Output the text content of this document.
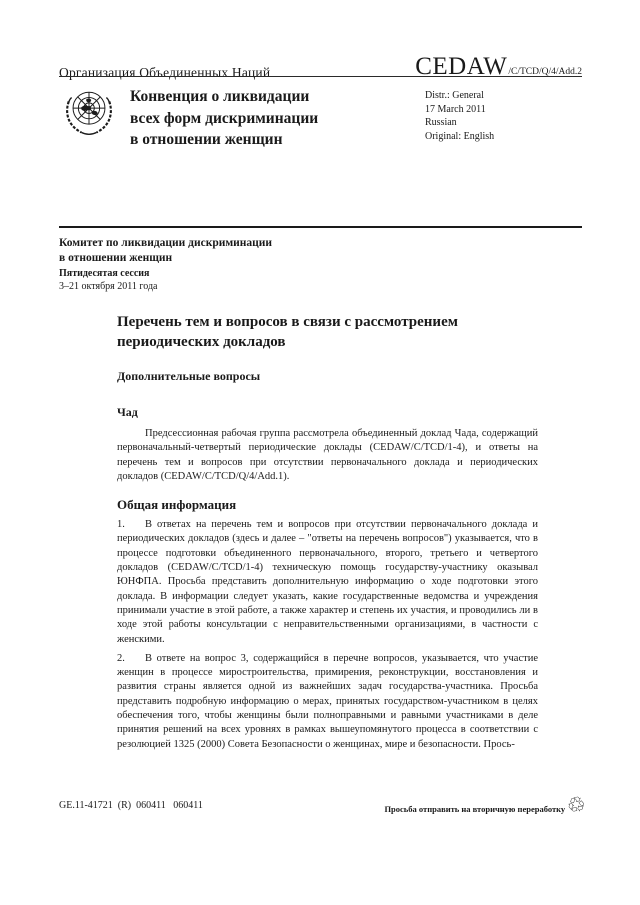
Организация Объединенных Наций	CEDAW /C/TCD/Q/4/Add.2
Конвенция о ликвидации
всех форм дискриминации
в отношении женщин
Distr.: General
17 March 2011
Russian
Original: English
Комитет по ликвидации дискриминации
в отношении женщин
Пятидесятая сессия
3–21 октября 2011 года
Перечень тем и вопросов в связи с рассмотрением периодических докладов
Дополнительные вопросы
Чад

Предсессионная рабочая группа рассмотрела объединенный доклад Чада, содержащий первоначальный-четвертый периодические доклады (CEDAW/C/TCD/1-4), и ответы на перечень тем и вопросов при отсутствии первоначального доклада и периодических докладов (CEDAW/C/TCD/Q/4/Add.1).

Общая информация

1. В ответах на перечень тем и вопросов при отсутствии первоначального доклада и периодических докладов (здесь и далее – "ответы на перечень вопросов") указывается, что в процессе подготовки объединенного первоначального, второго, третьего и четвертого докладов (CEDAW/C/TCD/1-4) техническую помощь государству-участнику оказывал ЮНФПА. Просьба представить дополнительную информацию о ходе подготовки этого доклада. В информации следует указать, какие государственные ведомства и учреждения принимали участие в этой работе, а также характер и степень их участия, и проводились ли в ходе этой работы консультации с неправительственными организациями, в частности с женскими.

2. В ответе на вопрос 3, содержащийся в перечне вопросов, указывается, что участие женщин в процессе миростроительства, примирения, реконструкции, восстановления и развития страны является одной из важнейших задач государства-участника. Просьба представить подробную информацию о мерах, принятых государством-участником в целях обеспечения того, чтобы женщины были полноправными и равными участниками в деле принятия решений на всех уровнях в рамках вышеупомянутого процесса в соответствии с резолюцией 1325 (2000) Совета Безопасности о женщинах, мире и безопасности. Прось-

GE.11-41721  (R)  060411   060411	Просьба отправить на вторичную переработку ♲
